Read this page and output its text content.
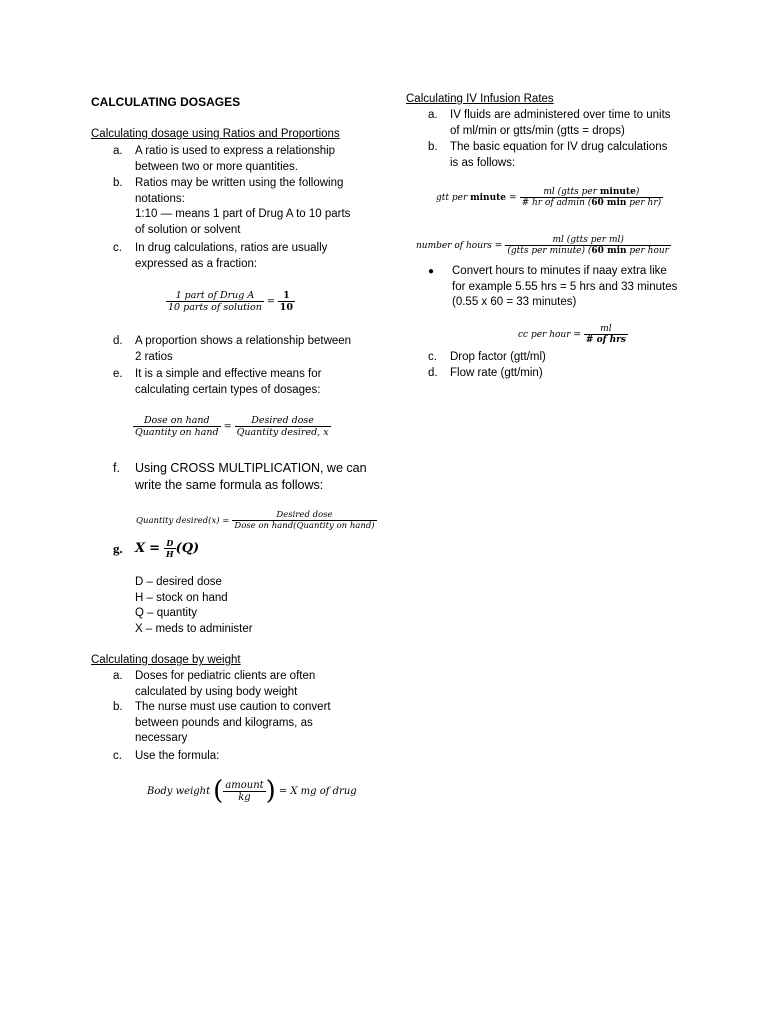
CALCULATING DOSAGES
Calculating dosage using Ratios and Proportions
a.	A ratio is used to express a relationship
between two or more quantities.
b.	Ratios may be written using the following
notations:
1:10 — means 1 part of Drug A to 10 parts
of solution or solvent
c.	In drug calculations, ratios are usually
expressed as a fraction:
$\frac{\text{1 part of Drug A}}{\text{10 parts of solution}} = \frac{1}{10}$
d.	A proportion shows a relationship between
2 ratios
e.	It is a simple and effective means for
calculating certain types of dosages:
$\frac{\text{Dose on hand}}{\text{Quantity on hand}} = \frac{\text{Desired dose}}{\text{Quantity desired, x}}$
f.	Using CROSS MULTIPLICATION, we can
write the same formula as follows:
Quantity desired(x) = $\frac{\text{Desired dose}}{\text{Dose on hand(Quantity on hand)}}$
g. $X = \frac{D}{H} (Q)$
D – desired dose
H – stock on hand
Q – quantity
X – meds to administer
Calculating dosage by weight
a.	Doses for pediatric clients are often
calculated by using body weight
b.	The nurse must use caution to convert
between pounds and kilograms, as
necessary
c.	Use the formula:
Body weight ( $\frac{\text{amount}}{kg}$ ) = X mg of drug
Calculating IV Infusion Rates
a.	IV fluids are administered over time to units
of ml/min or gtts/min (gtts = drops)
b.	The basic equation for IV drug calculations
is as follows:
gtt per minute = $\frac{\text{ml (gtts per minute)}}{\text{\# hr of admin (60 min per hr)}}$
number of hours = $\frac{\text{ml (gtts per ml)}}{\text{(gtts per minute) (60 min per hour}}$
● Convert hours to minutes if naay extra like
for example 5.55 hrs = 5 hrs and 33 minutes
(0.55 x 60 = 33 minutes)
cc per hour = $\frac{ml}{\text{\# of hrs}}$
c.	Drop factor (gtt/ml)
d.	Flow rate (gtt/min)
